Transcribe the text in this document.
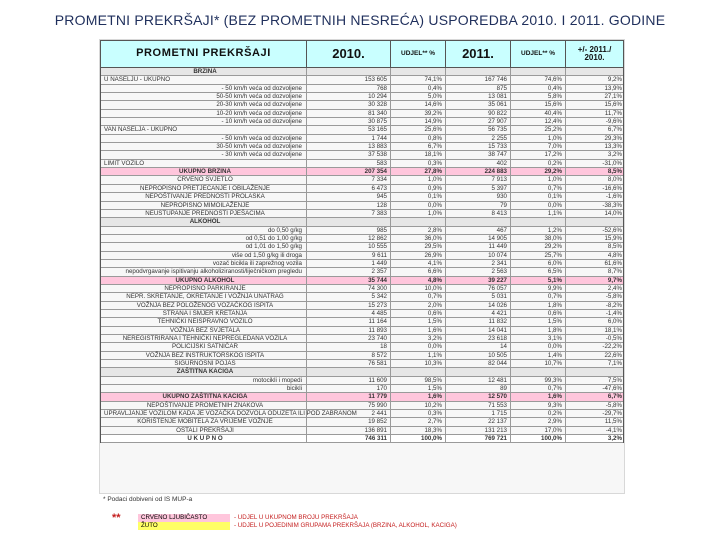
PROMETNI PREKRŠAJI* (BEZ PROMETNIH NESREĆA) USPOREDBA 2010. I 2011. GODINE
PROMETNI PREKRŠAJI	2010.	UDJEL** %	2011.	UDJEL** %	+/- 2011./ 2010.
BRZINA
U NASELJU - UKUPNO	153 605	74,1%	167 746	74,6%	9,2%
- 50 km/h veća od dozvoljene	768	0,4%	875	0,4%	13,9%
50-50 km/h veća od dozvoljene	10 294	5,0%	13 081	5,8%	27,1%
20-30 km/h veća od dozvoljene	30 328	14,6%	35 061	15,6%	15,6%
10-20 km/h veća od dozvoljene	81 340	39,2%	90 822	40,4%	11,7%
- 10 km/h veća od dozvoljene	30 875	14,9%	27 907	12,4%	-9,6%
VAN NASELJA - UKUPNO	53 165	25,6%	56 735	25,2%	6,7%
- 50 km/h veća od dozvoljene	1 744	0,8%	2 255	1,0%	29,3%
30-50 km/h veća od dozvoljene	13 883	6,7%	15 733	7,0%	13,3%
- 30 km/h veća od dozvoljene	37 538	18,1%	38 747	17,2%	3,2%
LIMIT VOZILO	583	0,3%	402	0,2%	-31,0%
UKUPNO BRZINA	207 354	27,8%	224 883	29,2%	8,5%
CRVENO SVJETLO	7 334	1,0%	7 913	1,0%	8,0%
NEPROPISNO PRETJECANJE I OBILAŽENJE	6 473	0,9%	5 397	0,7%	-16,6%
NEPOŠTIVANJE PREDNOSTI PROLASKA	945	0,1%	930	0,1%	-1,6%
NEPROPISNO MIMOILAŽENJE	128	0,0%	79	0,0%	-38,3%
NEUSTUPANJE PREDNOSTI PJEŠACIMA	7 383	1,0%	8 413	1,1%	14,0%
ALKOHOL
do 0,50 g/kg	985	2,8%	467	1,2%	-52,6%
od 0,51 do 1,00 g/kg	12 862	36,0%	14 905	38,0%	15,9%
od 1,01 do 1,50 g/kg	10 555	29,5%	11 449	29,2%	8,5%
više od 1,50 g/kg ili droga	9 611	26,9%	10 074	25,7%	4,8%
vozač bicikla ili zaprežnog vozila	1 449	4,1%	2 341	6,0%	61,6%
nepodvrgavanje ispitivanju alkoholiziranosti/liječničkom pregledu	2 357	6,6%	2 563	6,5%	8,7%
UKUPNO ALKOHOL	35 744	4,8%	39 227	5,1%	9,7%
NEPROPISNO PARKIRANJE	74 300	10,0%	76 057	9,9%	2,4%
NEPR. SKRETANJE, OKRETANJE I VOŽNJA UNATRAG	5 342	0,7%	5 031	0,7%	-5,8%
VOŽNJA BEZ POLOŽENOG VOZAČKOG ISPITA	15 273	2,0%	14 026	1,8%	-8,2%
STRANA I SMJER KRETANJA	4 485	0,6%	4 421	0,6%	-1,4%
TEHNIČKI NEISPRAVNO VOZILO	11 164	1,5%	11 832	1,5%	6,0%
VOŽNJA BEZ SVJETALA	11 893	1,6%	14 041	1,8%	18,1%
NEREGISTRIRANA I TEHNIČKI NEPREGLEDANA VOZILA	23 740	3,2%	23 618	3,1%	-0,5%
POLICIJSKI SATNIČAR	18	0,0%	14	0,0%	-22,2%
VOŽNJA BEZ INSTRUKTORSKOG ISPITA	8 572	1,1%	10 505	1,4%	22,6%
SIGURNOSNI POJAS	76 581	10,3%	82 044	10,7%	7,1%
ZAŠTITNA KACIGA
motocikli i mopedi	11 609	98,5%	12 481	99,3%	7,5%
bicikli	170	1,5%	89	0,7%	-47,6%
UKUPNO ZAŠTITNA KACIGA	11 779	1,6%	12 570	1,6%	6,7%
NEPOŠTIVANJE PROMETNIH ZNAKOVA	75 990	10,2%	71 553	9,3%	-5,8%
UPRAVLJANJE VOZILOM KADA JE VOZAČKA DOZVOLA ODUZETA ILI POD ZABRANOM	2 441	0,3%	1 715	0,2%	-29,7%
KORIŠTENJE MOBITELA ZA VRIJEME VOŽNJE	19 852	2,7%	22 137	2,9%	11,5%
OSTALI PREKRŠAJI	136 891	18,3%	131 213	17,0%	-4,1%
U K U P N O	746 311	100,0%	769 721	100,0%	3,2%
* Podaci dobiveni od IS MUP-a
**	CRVENO LJUBIČASTO	- UDJEL U UKUPNOM BROJU PREKRŠAJA
ŽUTO	- UDJEL U POJEDINIM GRUPAMA PREKRŠAJA (BRZINA, ALKOHOL, KACIGA)
